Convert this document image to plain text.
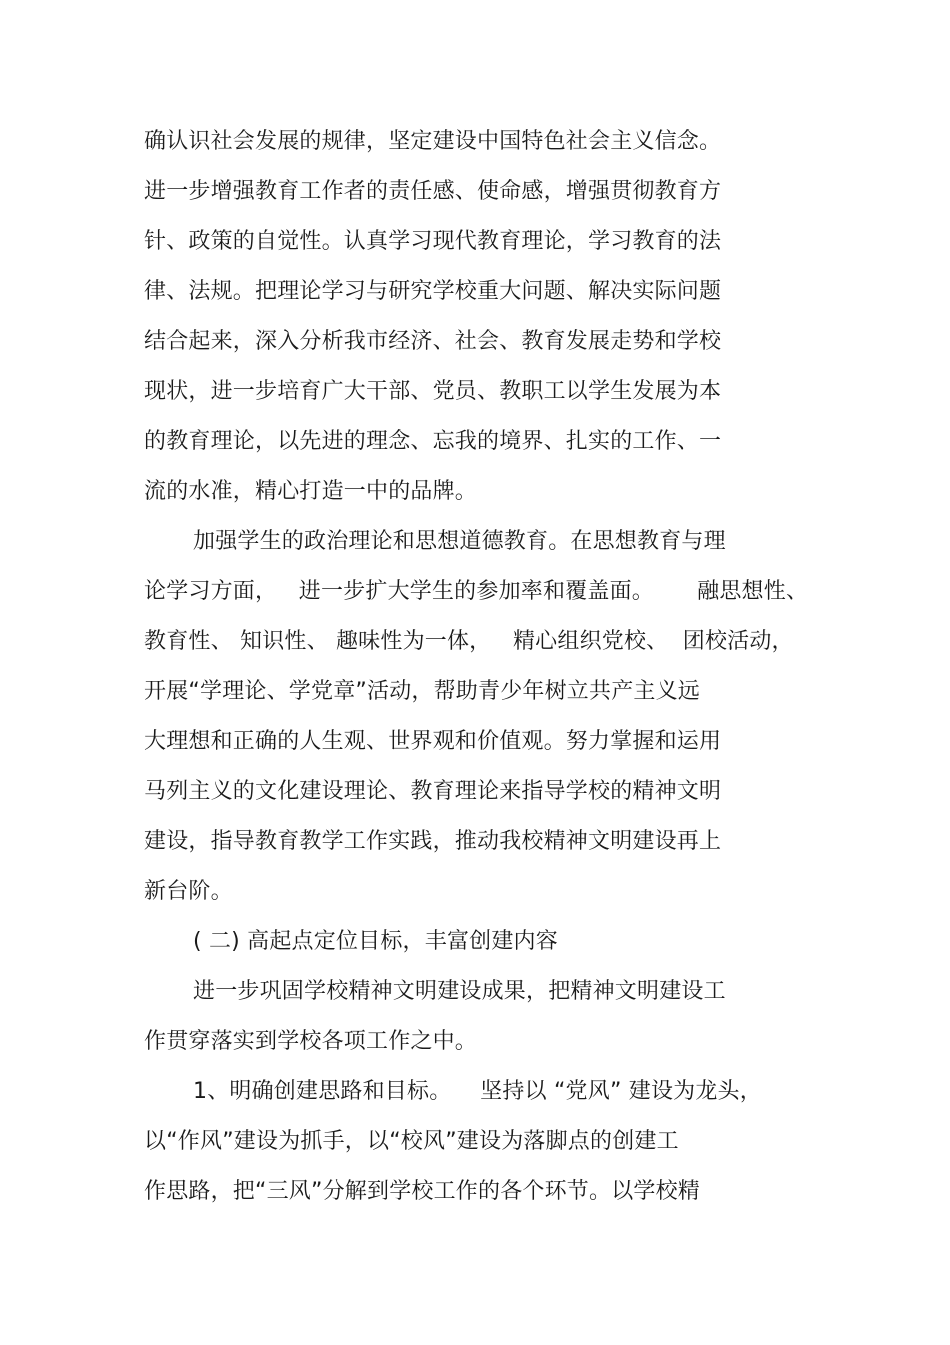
确认识社会发展的规律，坚定建设中国特色社会主义信念。
进一步增强教育工作者的责任感、使命感，增强贯彻教育方
针、政策的自觉性。认真学习现代教育理论，学习教育的法
律、法规。把理论学习与研究学校重大问题、解决实际问题
结合起来，深入分析我市经济、社会、教育发展走势和学校
现状，进一步培育广大干部、党员、教职工以学生发展为本
的教育理论，以先进的理念、忘我的境界、扎实的工作、一
流的水准，精心打造一中的品牌。
加强学生的政治理论和思想道德教育。在思想教育与理
论学习方面，   进一步扩大学生的参加率和覆盖面。      融思想性、
教育性、 知识性、 趣味性为一体，   精心组织党校、  团校活动，
开展“学理论、学党章”活动，帮助青少年树立共产主义远
大理想和正确的人生观、世界观和价值观。努力掌握和运用
马列主义的文化建设理论、教育理论来指导学校的精神文明
建设，指导教育教学工作实践，推动我校精神文明建设再上
新台阶。
( 二) 高起点定位目标，丰富创建内容
进一步巩固学校精神文明建设成果，把精神文明建设工
作贯穿落实到学校各项工作之中。
1、明确创建思路和目标。    坚持以 “党风” 建设为龙头，
以“作风”建设为抓手，以“校风”建设为落脚点的创建工
作思路，把“三风”分解到学校工作的各个环节。以学校精
